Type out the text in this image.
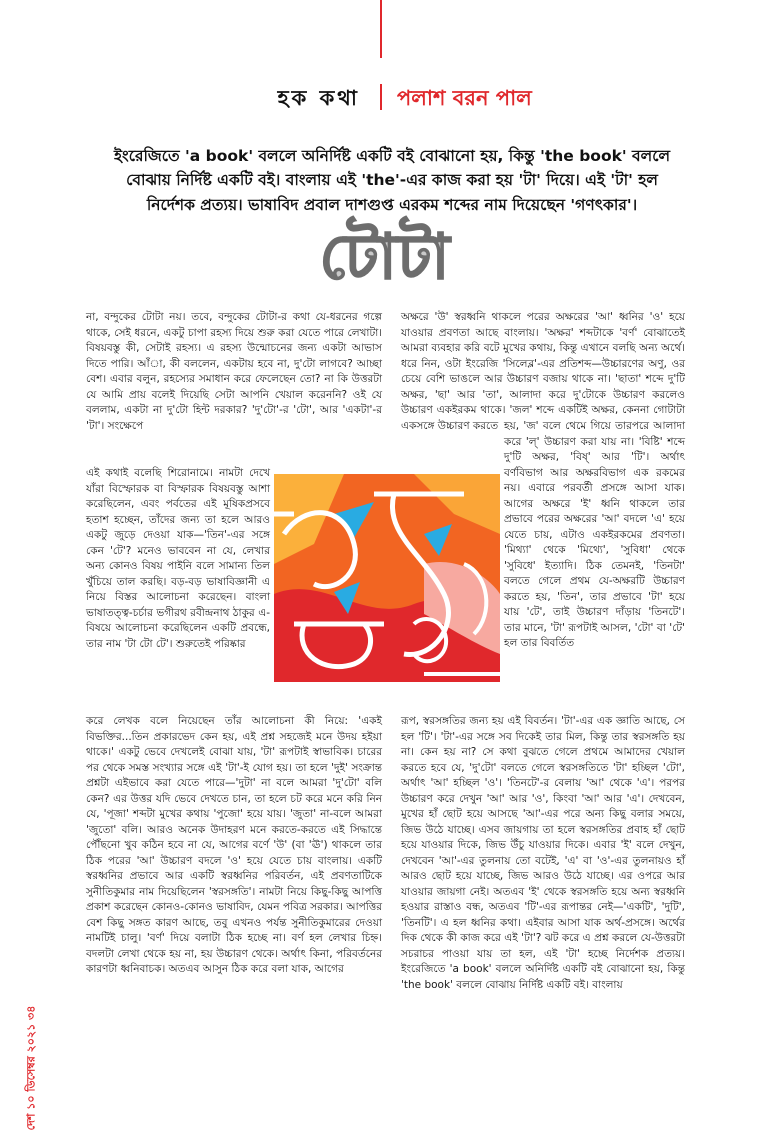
হক কথা পলাশ বরন পাল

ইংরেজিতে 'a book' বললে অনির্দিষ্ট একটি বই বোঝানো হয়, কিন্তু 'the book' বললে বোঝায় নির্দিষ্ট একটি বই। বাংলায় এই 'the'-এর কাজ করা হয় 'টা' দিয়ে। এই 'টা' হল নির্দেশক প্রত্যয়। ভাষাবিদ প্রবাল দাশগুপ্ত এরকম শব্দের নাম দিয়েছেন 'গণৎকার'।

টোটা

না, বন্দুকের টোটা নয়। তবে, বন্দুকের টোটা-র কথা যে-ধরনের গল্পে থাকে, সেই ধরনে, একটু চাপা রহস্য দিয়ে শুরু করা যেতে পারে লেখাটা। বিষয়বস্তু কী, সেটাই রহস্য। এ রহস্য উন্মোচনের জন্য একটা আভাস দিতে পারি। আঁা, কী বললেন, একটায় হবে না, দু'টো লাগবে? আচ্ছা বেশ। এবার বলুন, রহস্যের সমাধান করে ফেলেছেন তো? না কি উত্তরটা যে আমি প্রায় বলেই দিয়েছি সেটা আপনি খেয়াল করেননি? ওই যে বললাম, একটা না দু'টো হিন্ট দরকার? 'দু'টো'-র 'টো', আর 'একটা'-র 'টা'। সংক্ষেপে

এই কথাই বলেছি শিরোনামে। নামটা দেখে যাঁরা বিস্ফোরক বা বিস্ফারক বিষয়বস্তু আশা করেছিলেন, এবং পর্বতের এই মূষিকপ্রসবে হতাশ হচ্ছেন, তাঁদের জন্য তা হলে আরও একটু জুড়ে দেওয়া যাক—'তিন'-এর সঙ্গে কেন 'টে'? মনেও ভাববেন না যে, লেখার অন্য কোনও বিষয় পাইনি বলে সামান্য তিল খুঁচিয়ে তাল করছি। বড়-বড় ভাষাবিজ্ঞানী এ নিয়ে বিস্তর আলোচনা করেছেন। বাংলা ভাষাতত্ত্ব-চর্চার ভগীরথ রবীন্দ্রনাথ ঠাকুর এ-বিষয়ে আলোচনা করেছিলেন একটি প্রবন্ধে, তার নাম 'টা টো টে'। শুরুতেই পরিষ্কার

করে লেখক বলে নিয়েছেন তাঁর আলোচনা কী নিয়ে: 'একই বিভক্তির...তিন প্রকারভেদ কেন হয়, এই প্রশ্ন সহজেই মনে উদয় হইয়া থাকে।' একটু ভেবে দেখলেই বোঝা যায়, 'টা' রূপটাই স্বাভাবিক। চারের পর থেকে সমস্ত সংখ্যার সঙ্গে এই 'টা'-ই যোগ হয়। তা হলে 'দুই' সংক্রান্ত প্রশ্নটা এইভাবে করা যেতে পারে—'দুটা' না বলে আমরা 'দু'টো' বলি কেন? এর উত্তর যদি ভেবে দেখতে চান, তা হলে চট করে মনে করি নিন যে, 'পূজা' শব্দটা মুখের কথায় 'পুজো' হয়ে যায়। 'জুতা' না-বলে আমরা 'জুতো' বলি। আরও অনেক উদাহরণ মনে করতে-করতে এই সিদ্ধান্তে পৌঁছনো খুব কঠিন হবে না যে, আগের বর্ণে 'উ' (বা 'ঊ') থাকলে তার ঠিক পরের 'আ' উচ্চারণ বদলে 'ও' হয়ে যেতে চায় বাংলায়। একটি স্বরধ্বনির প্রভাবে আর একটি স্বরধ্বনির পরিবর্তন, এই প্রবণতাটিকে সুনীতিকুমার নাম দিয়েছিলেন 'স্বরসঙ্গতি'। নামটা নিয়ে কিছু-কিছু আপত্তি প্রকাশ করেছেন কোনও-কোনও ভাষাবিদ, যেমন পবিত্র সরকার। আপত্তির বেশ কিছু সঙ্গত কারণ আছে, তবু এখনও পর্যন্ত সুনীতিকুমারের দেওয়া নামটিই চালু। 'বর্ণ' দিয়ে বলাটা ঠিক হচ্ছে না। বর্ণ হল লেখার চিহ্ন। বদলটা লেখা থেকে হয় না, হয় উচ্চারণ থেকে। অর্থাৎ কিনা, পরিবর্তনের কারণটা ধ্বনিবাচক। অতএব আসুন ঠিক করে বলা যাক, আগের

অক্ষরে 'উ' স্বরধ্বনি থাকলে পরের অক্ষরের 'আ' ধ্বনির 'ও' হয়ে যাওয়ার প্রবণতা আছে বাংলায়। 'অক্ষর' শব্দটাকে 'বর্ণ' বোঝাতেই আমরা ব্যবহার করি বটে মুখের কথায়, কিন্তু এখানে বলছি অন্য অর্থে। ধরে নিন, ওটা ইংরেজি 'সিলেব্ল'-এর প্রতিশব্দ—উচ্চারণের অণু, ওর চেয়ে বেশি ভাঙলে আর উচ্চারণ বজায় থাকে না। 'ছাতা' শব্দে দু'টি অক্ষর, 'ছা' আর 'তা', আলাদা করে দু'টোকে উচ্চারণ করলেও উচ্চারণ একইরকম থাকে। 'জল' শব্দে একটিই অক্ষর, কেননা গোটাটা একসঙ্গে উচ্চারণ করতে হয়, 'জ' বলে থেমে গিয়ে তারপরে আলাদা করে 'ল্' উচ্চারণ করা যায় না। 'বিষ্টি' শব্দে দু'টি অক্ষর, 'বিষ্' আর 'টি'। অর্থাৎ বর্ণবিভাগ আর অক্ষরবিভাগ এক রকমের নয়। এবারে পরবর্তী প্রসঙ্গে আসা যাক। আগের অক্ষরে 'ই' ধ্বনি থাকলে তার প্রভাবে পরের অক্ষরের 'আ' বদলে 'এ' হয়ে যেতে চায়, এটাও একইরকমের প্রবণতা। 'মিথ্যা' থেকে 'মিথ্যে', 'সুবিধা' থেকে 'সুবিধে' ইত্যাদি। ঠিক তেমনই, 'তিনটা' বলতে গেলে প্রথম যে-অক্ষরটি উচ্চারণ করতে হয়, 'তিন', তার প্রভাবে 'টা' হয়ে যায় 'টে', তাই উচ্চারণ দাঁড়ায় 'তিনটে'। তার মানে, 'টা' রূপটাই আসল, 'টো' বা 'টে' হল তার বিবর্তিত

রূপ, স্বরসঙ্গতির জন্য হয় এই বিবর্তন। 'টা'-এর এক জ্ঞাতি আছে, সে হল 'টি'। 'টা'-এর সঙ্গে সব দিকেই তার মিল, কিন্তু তার স্বরসঙ্গতি হয় না। কেন হয় না? সে কথা বুঝতে গেলে প্রথমে আমাদের খেয়াল করতে হবে যে, 'দু'টো' বলতে গেলে স্বরসঙ্গতিতে 'টা' হচ্ছিল 'টো', অর্থাৎ 'আ' হচ্ছিল 'ও'। 'তিনটে'-র বেলায় 'আ' থেকে 'এ'। পরপর উচ্চারণ করে দেখুন 'আ' আর 'ও', কিংবা 'আ' আর 'এ'। দেখবেন, মুখের হাঁ ছোট হয়ে আসছে 'আ'-এর পরে অন্য কিছু বলার সময়ে, জিভ উঠে যাচ্ছে। এসব জায়গায় তা হলে স্বরসঙ্গতির প্রবাহ হাঁ ছোট হয়ে যাওয়ার দিকে, জিভ উঁচু যাওয়ার দিকে। এবার 'ই' বলে দেখুন, দেখবেন 'আ'-এর তুলনায় তো বটেই, 'এ' বা 'ও'-এর তুলনায়ও হাঁ আরও ছোট হয়ে যাচ্ছে, জিভ আরও উঠে যাচ্ছে। এর ওপরে আর যাওয়ার জায়গা নেই। অতএব 'ই' থেকে স্বরসঙ্গতি হয়ে অন্য স্বরধ্বনি হওয়ার রাস্তাও বন্ধ, অতএব 'টি'-এর রূপান্তর নেই—'একটি', 'দুটি', 'তিনটি'। এ হল ধ্বনির কথা। এইবার আসা যাক অর্থ-প্রসঙ্গে। অর্থের দিক থেকে কী কাজ করে এই 'টা'? ঝট করে এ প্রশ্ন করলে যে-উত্তরটা সচরাচর পাওয়া যায় তা হল, এই 'টা' হচ্ছে নির্দেশক প্রত্যয়। ইংরেজিতে 'a book' বললে অনির্দিষ্ট একটি বই বোঝানো হয়, কিন্তু 'the book' বললে বোঝায় নির্দিষ্ট একটি বই। বাংলায়

দেশ ১০ ডিসেম্বর ২০২১ ৩৪
